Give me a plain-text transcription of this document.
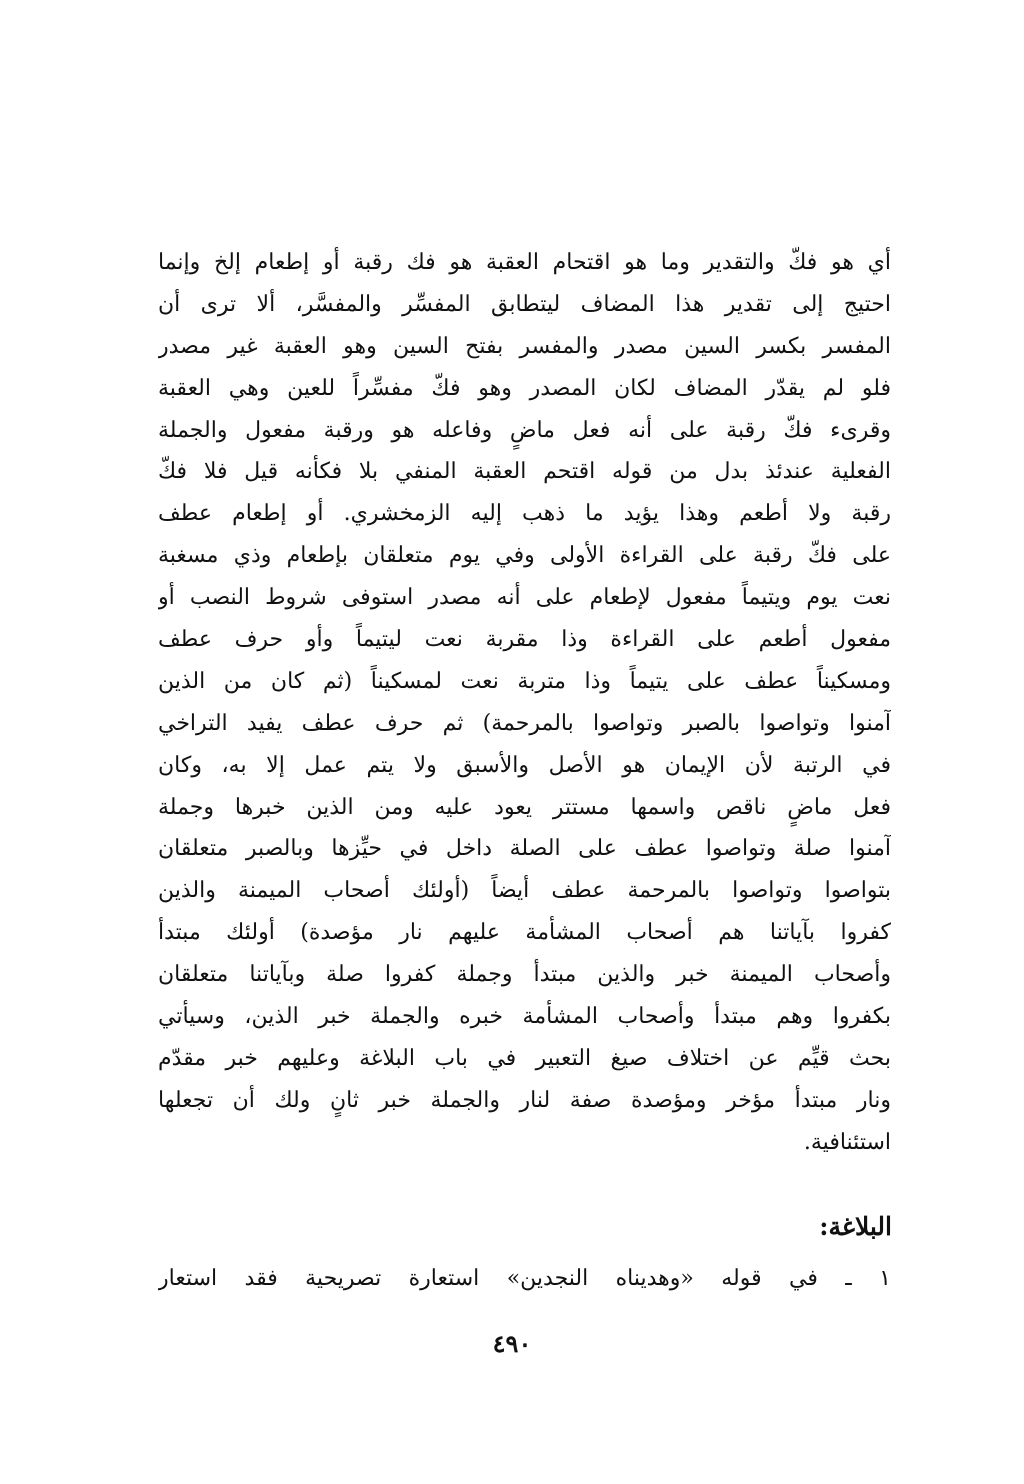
أي هو فكّ والتقدير وما هو اقتحام العقبة هو فك رقبة أو إطعام إلخ وإنما
احتيج إلى تقدير هذا المضاف ليتطابق المفسِّر والمفسَّر، ألا ترى أن
المفسر بكسر السين مصدر والمفسر بفتح السين وهو العقبة غير مصدر
فلو لم يقدّر المضاف لكان المصدر وهو فكّ مفسِّراً للعين وهي العقبة
وقرىء فكّ رقبة على أنه فعل ماضٍ وفاعله هو ورقبة مفعول والجملة
الفعلية عندئذ بدل من قوله اقتحم العقبة المنفي بلا فكأنه قيل فلا فكّ
رقبة ولا أطعم وهذا يؤيد ما ذهب إليه الزمخشري. أو إطعام عطف
على فكّ رقبة على القراءة الأولى وفي يوم متعلقان بإطعام وذي مسغبة
نعت يوم ويتيماً مفعول لإطعام على أنه مصدر استوفى شروط النصب أو
مفعول أطعم على القراءة وذا مقربة نعت ليتيماً وأو حرف عطف
ومسكيناً عطف على يتيماً وذا متربة نعت لمسكيناً (ثم كان من الذين
آمنوا وتواصوا بالصبر وتواصوا بالمرحمة) ثم حرف عطف يفيد التراخي
في الرتبة لأن الإيمان هو الأصل والأسبق ولا يتم عمل إلا به، وكان
فعل ماضٍ ناقص واسمها مستتر يعود عليه ومن الذين خبرها وجملة
آمنوا صلة وتواصوا عطف على الصلة داخل في حيِّزها وبالصبر متعلقان
بتواصوا وتواصوا بالمرحمة عطف أيضاً (أولئك أصحاب الميمنة والذين
كفروا بآياتنا هم أصحاب المشأمة عليهم نار مؤصدة) أولئك مبتدأ
وأصحاب الميمنة خبر والذين مبتدأ وجملة كفروا صلة وبآياتنا متعلقان
بكفروا وهم مبتدأ وأصحاب المشأمة خبره والجملة خبر الذين، وسيأتي
بحث قيِّم عن اختلاف صيغ التعبير في باب البلاغة وعليهم خبر مقدّم
ونار مبتدأ مؤخر ومؤصدة صفة لنار والجملة خبر ثانٍ ولك أن تجعلها
استئنافية.
البلاغة:
١ ـ في قوله «وهديناه النجدين» استعارة تصريحية فقد استعار
٤٩٠
